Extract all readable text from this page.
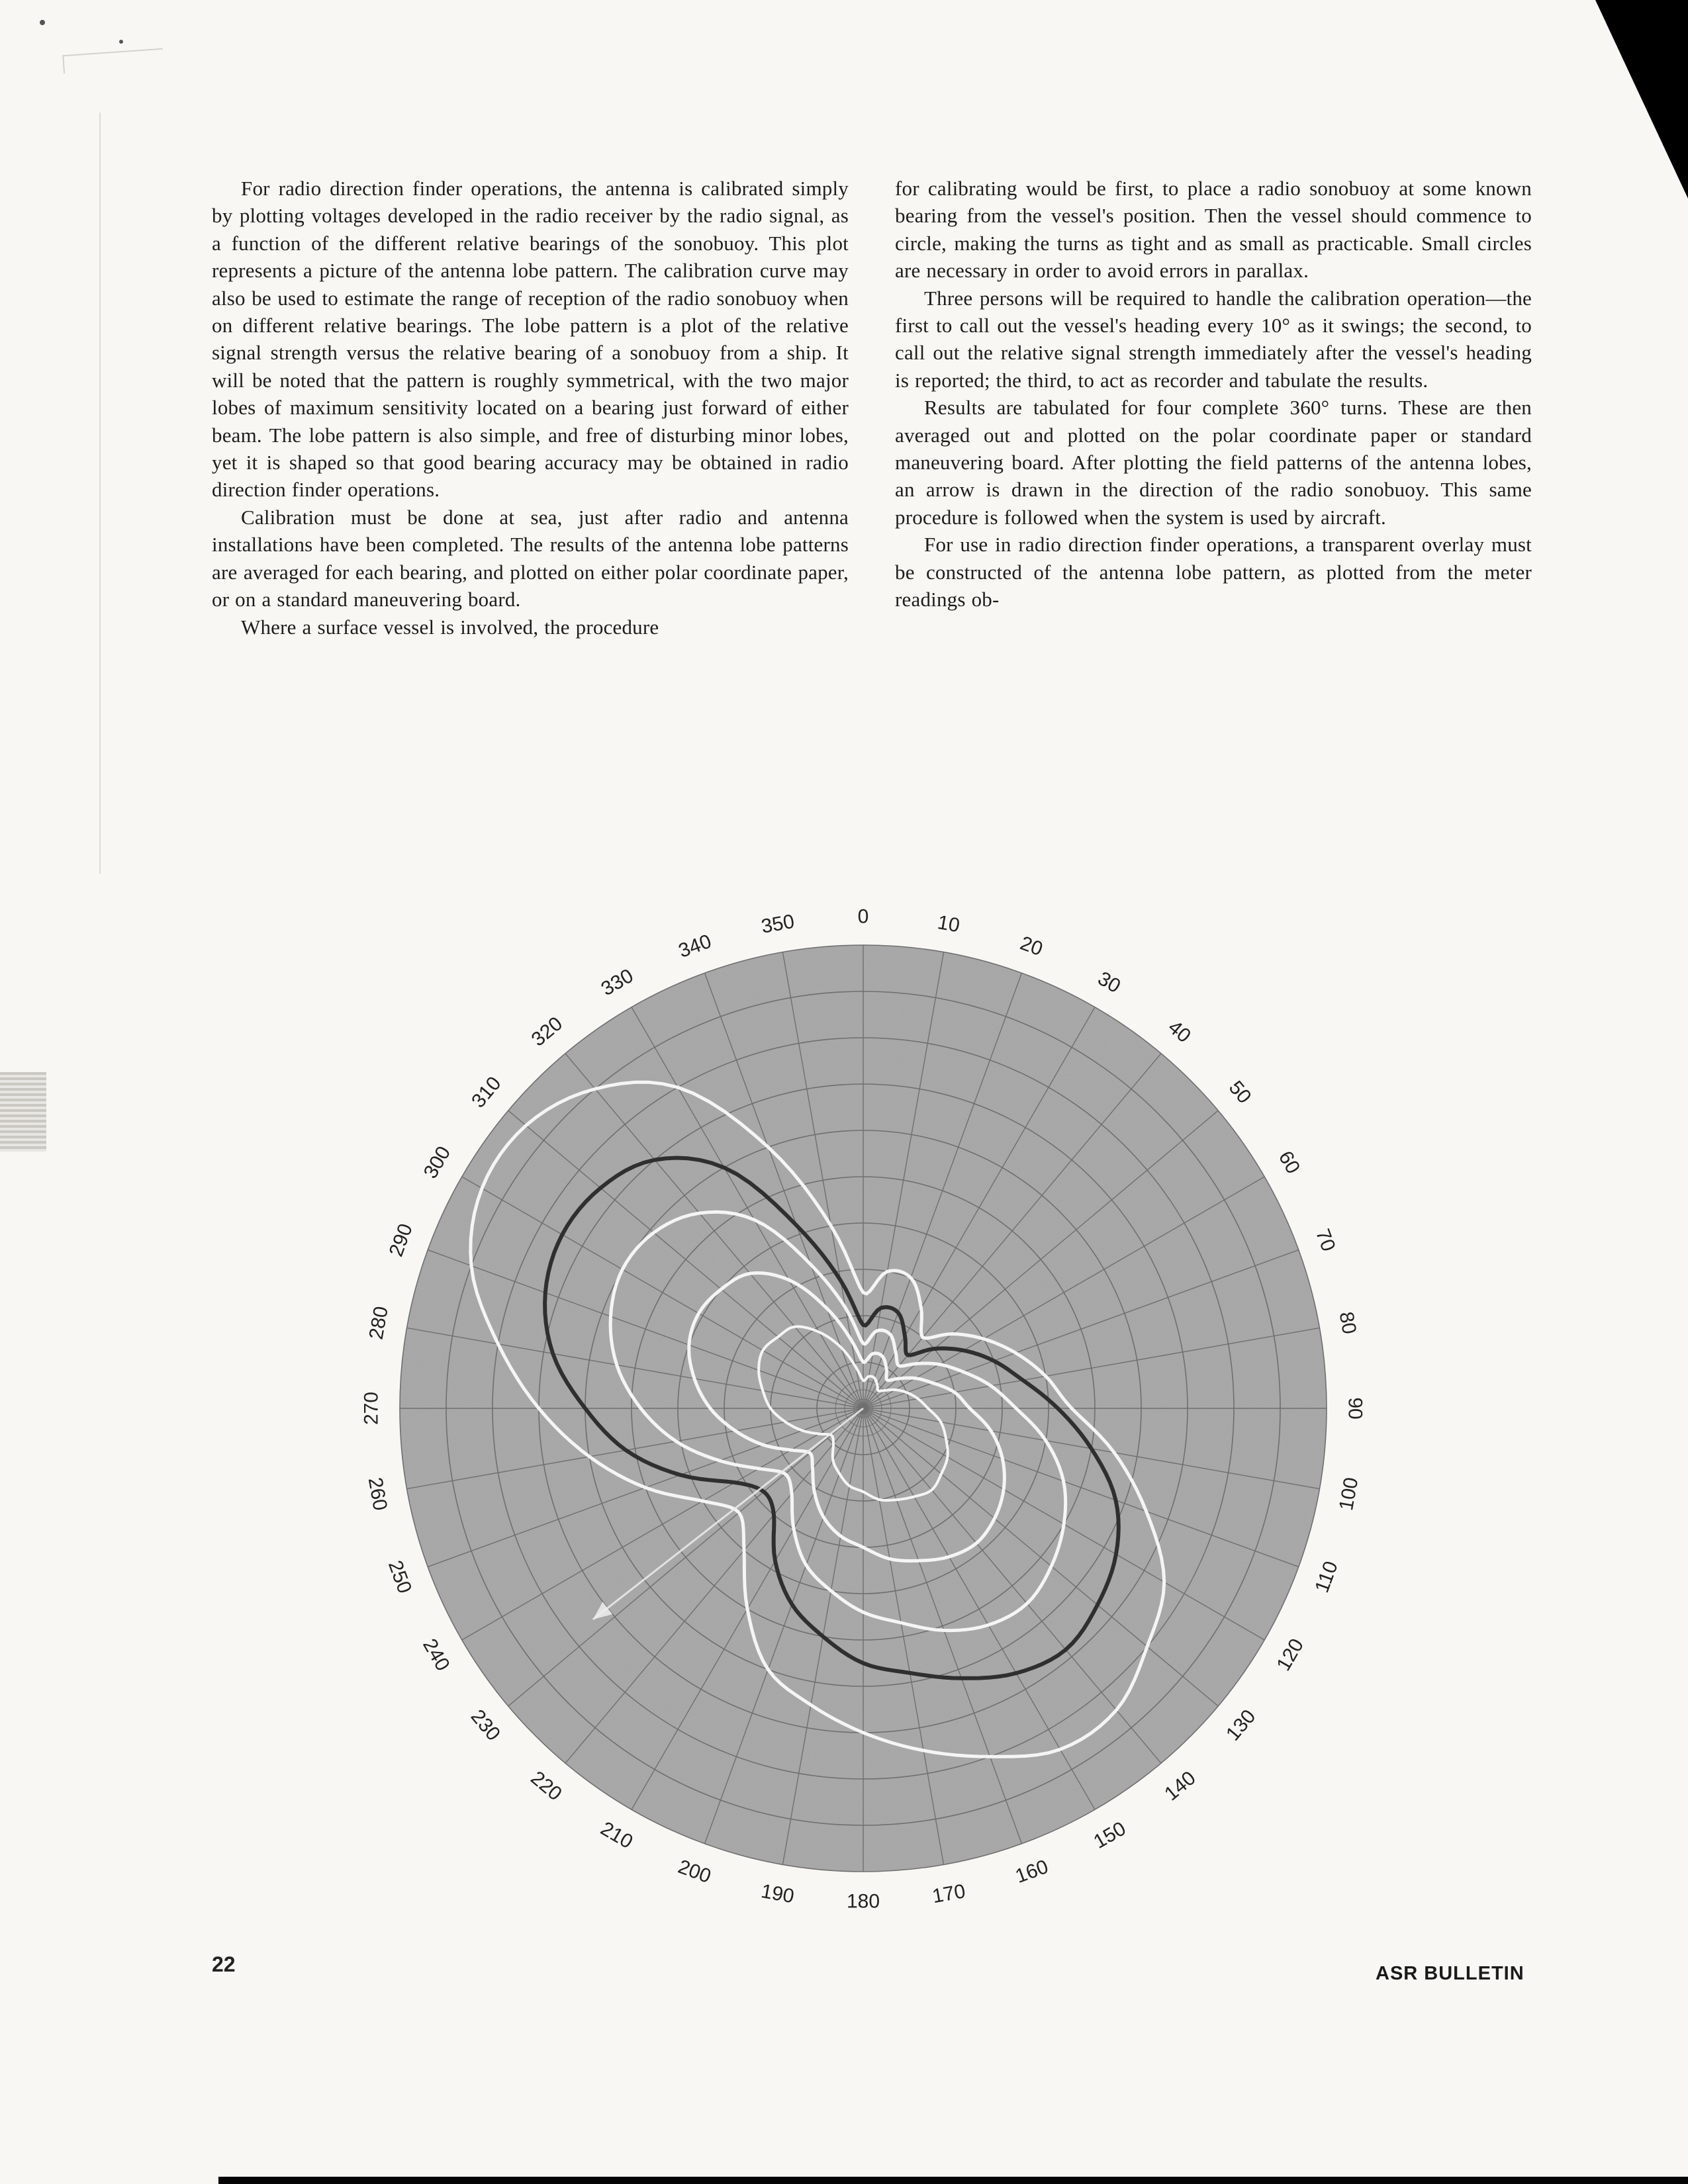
For radio direction finder operations, the antenna is calibrated simply by plotting voltages developed in the radio receiver by the radio signal, as a function of the different relative bearings of the sonobuoy. This plot represents a picture of the antenna lobe pattern. The calibration curve may also be used to estimate the range of reception of the radio sonobuoy when on different relative bearings. The lobe pattern is a plot of the relative signal strength versus the relative bearing of a sonobuoy from a ship. It will be noted that the pattern is roughly symmetrical, with the two major lobes of maximum sensitivity located on a bearing just forward of either beam. The lobe pattern is also simple, and free of disturbing minor lobes, yet it is shaped so that good bearing accuracy may be obtained in radio direction finder operations.

Calibration must be done at sea, just after radio and antenna installations have been completed. The results of the antenna lobe patterns are averaged for each bearing, and plotted on either polar coordinate paper, or on a standard maneuvering board.

Where a surface vessel is involved, the procedure

for calibrating would be first, to place a radio sonobuoy at some known bearing from the vessel's position. Then the vessel should commence to circle, making the turns as tight and as small as practicable. Small circles are necessary in order to avoid errors in parallax.

Three persons will be required to handle the calibration operation—the first to call out the vessel's heading every 10° as it swings; the second, to call out the relative signal strength immediately after the vessel's heading is reported; the third, to act as recorder and tabulate the results.

Results are tabulated for four complete 360° turns. These are then averaged out and plotted on the polar coordinate paper or standard maneuvering board. After plotting the field patterns of the antenna lobes, an arrow is drawn in the direction of the radio sonobuoy. This same procedure is followed when the system is used by aircraft.

For use in radio direction finder operations, a transparent overlay must be constructed of the antenna lobe pattern, as plotted from the meter readings ob-

0	10
20
30
40
50
60
70
80
90
100
110
120
130
140
150
160
170
180
190
200
210
220
230
240
250
260
270
280
290
300
310
320
330
340
350
22	ASR BULLETIN
